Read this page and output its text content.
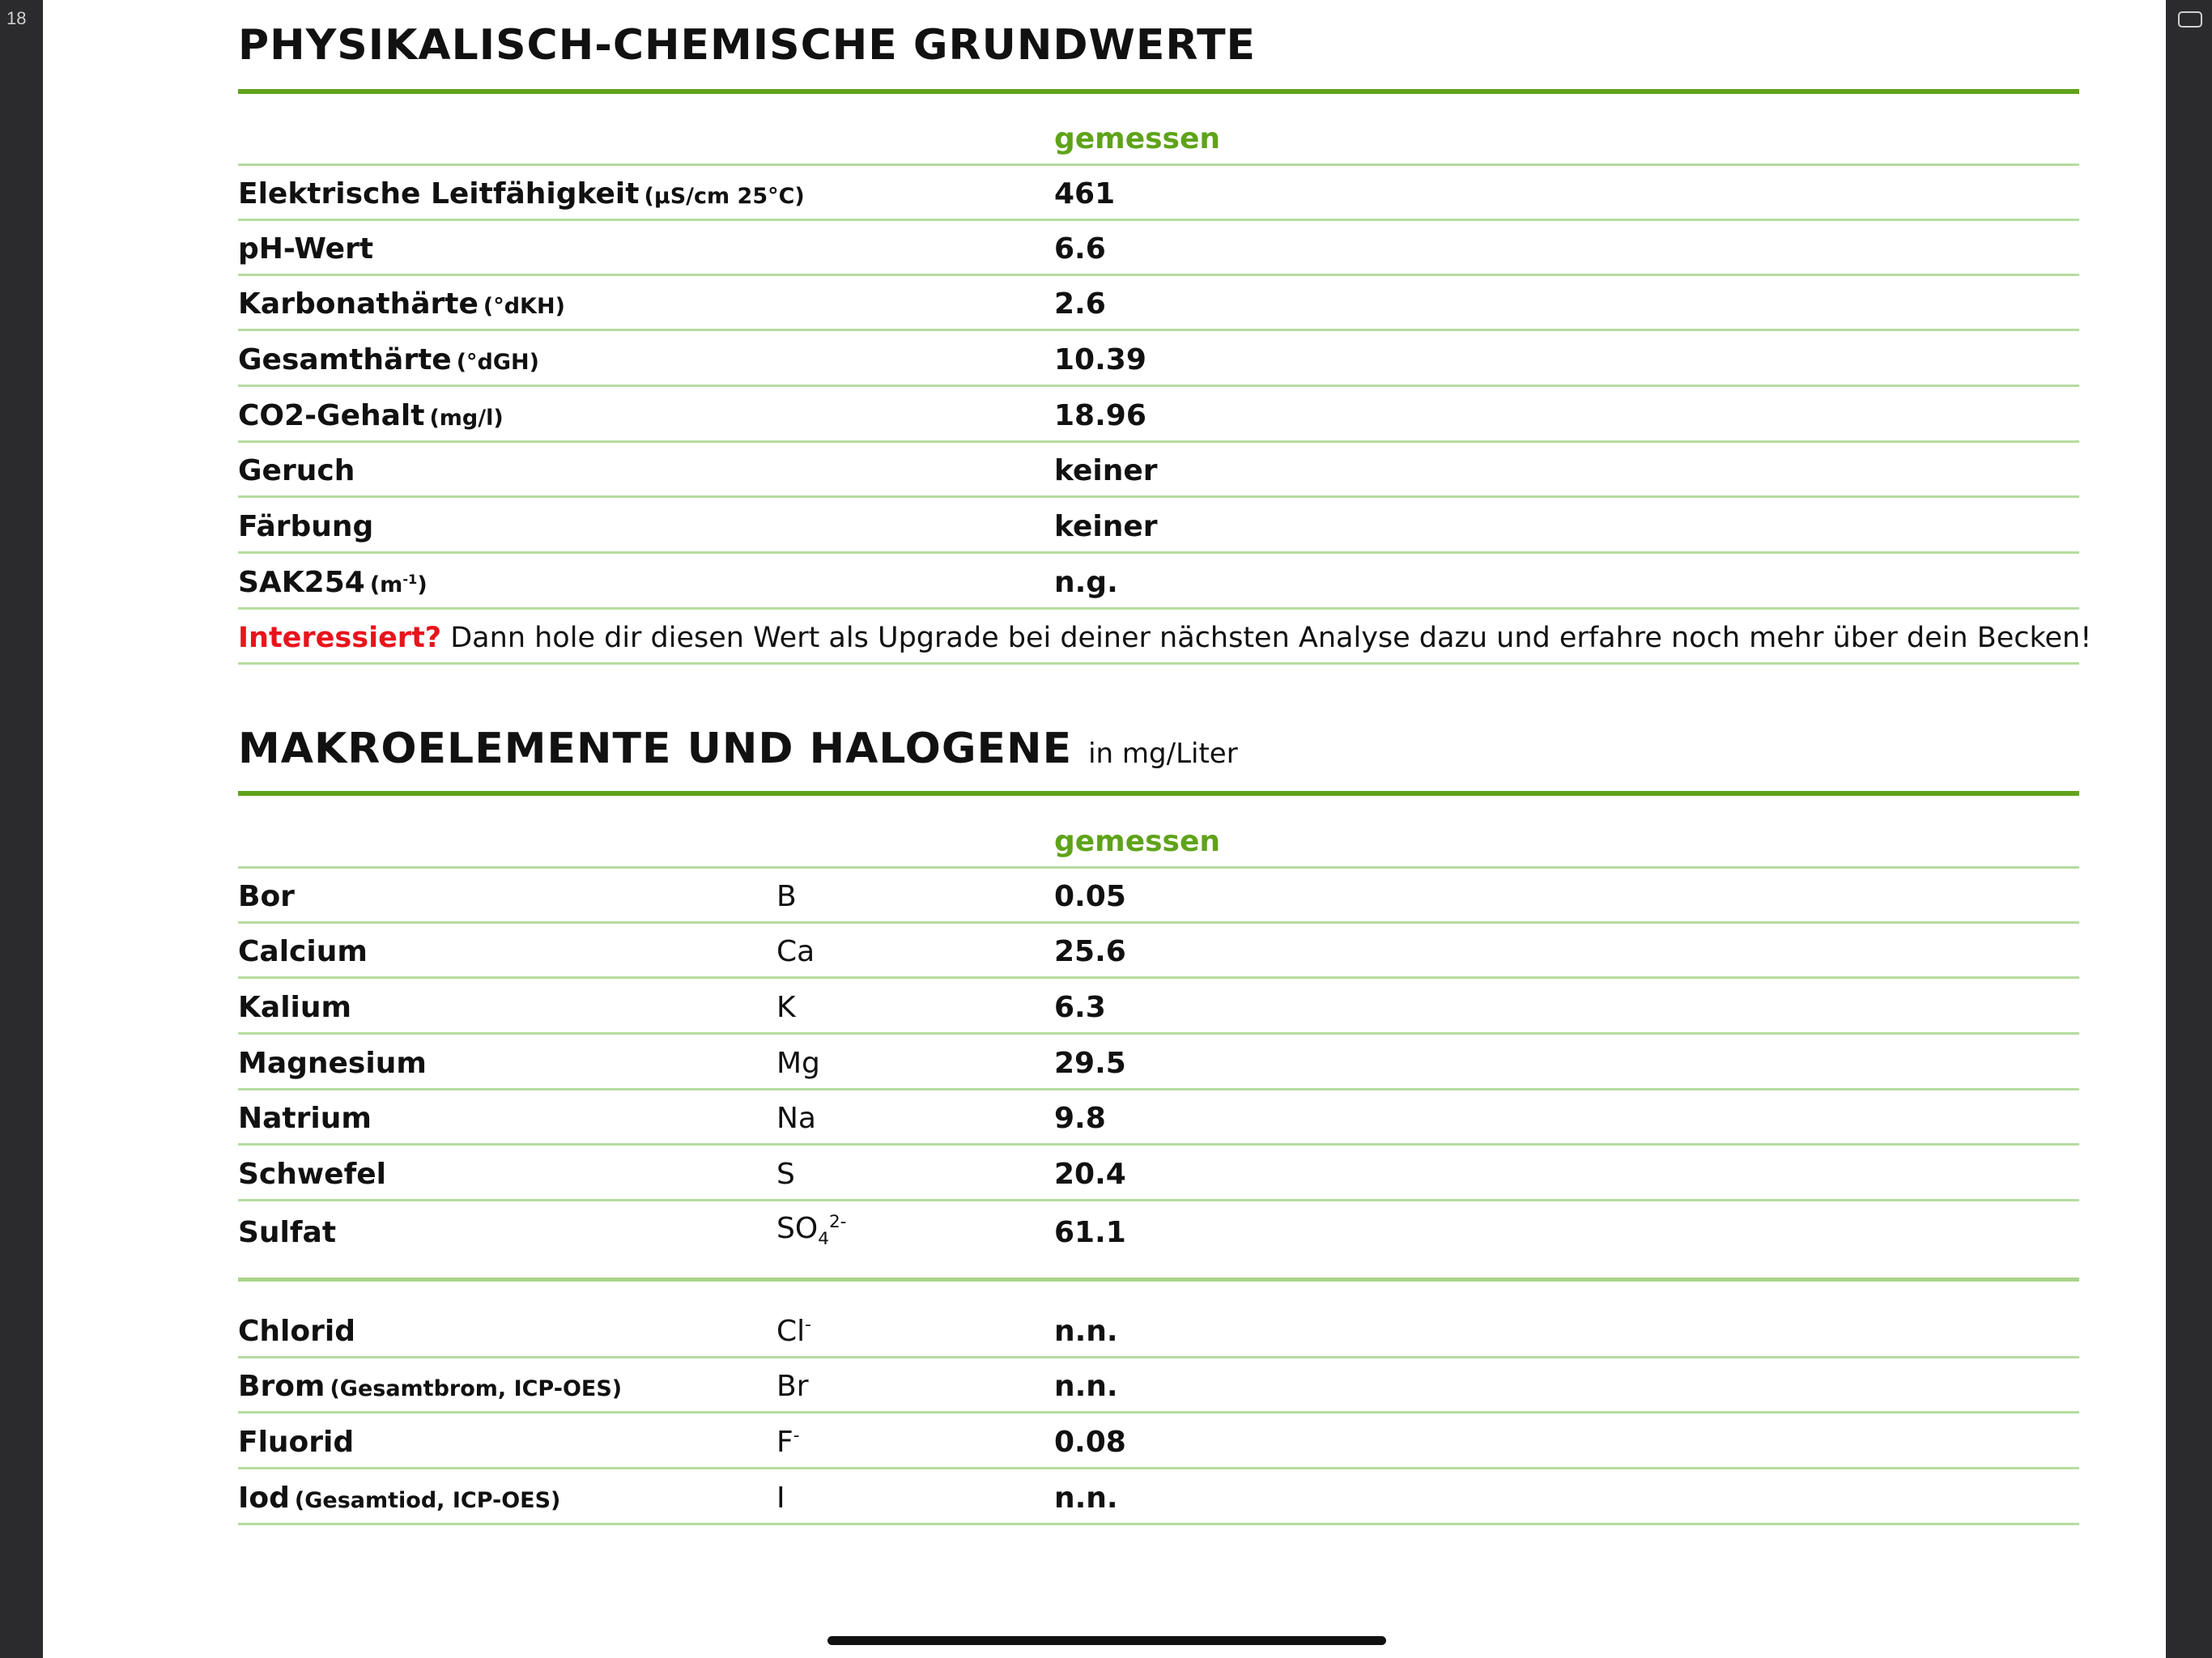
18
PHYSIKALISCH-CHEMISCHE GRUNDWERTE
gemessen
Elektrische Leitfähigkeit (µS/cm 25°C)	461
pH-Wert	6.6
Karbonathärte (°dKH)	2.6
Gesamthärte (°dGH)	10.39
CO2-Gehalt (mg/l)	18.96
Geruch	keiner
Färbung	keiner
SAK254 $(m^{-1})$	n.g.
Interessiert? Dann hole dir diesen Wert als Upgrade bei deiner nächsten Analyse dazu und erfahre noch mehr über dein Becken!
MAKROELEMENTE UND HALOGENE in mg/Liter
gemessen
Bor	B	0.05
Calcium	Ca	25.6
Kalium	K	6.3
Magnesium	Mg	29.5
Natrium	Na	9.8
Schwefel	S	20.4
Sulfat	$SO_4^{2-}$	61.1
Chlorid	Cl-	n.n.
Brom (Gesamtbrom, ICP-OES)	Br	n.n.
Fluorid	F-	0.08
Iod (Gesamtiod, ICP-OES)	I	n.n.
